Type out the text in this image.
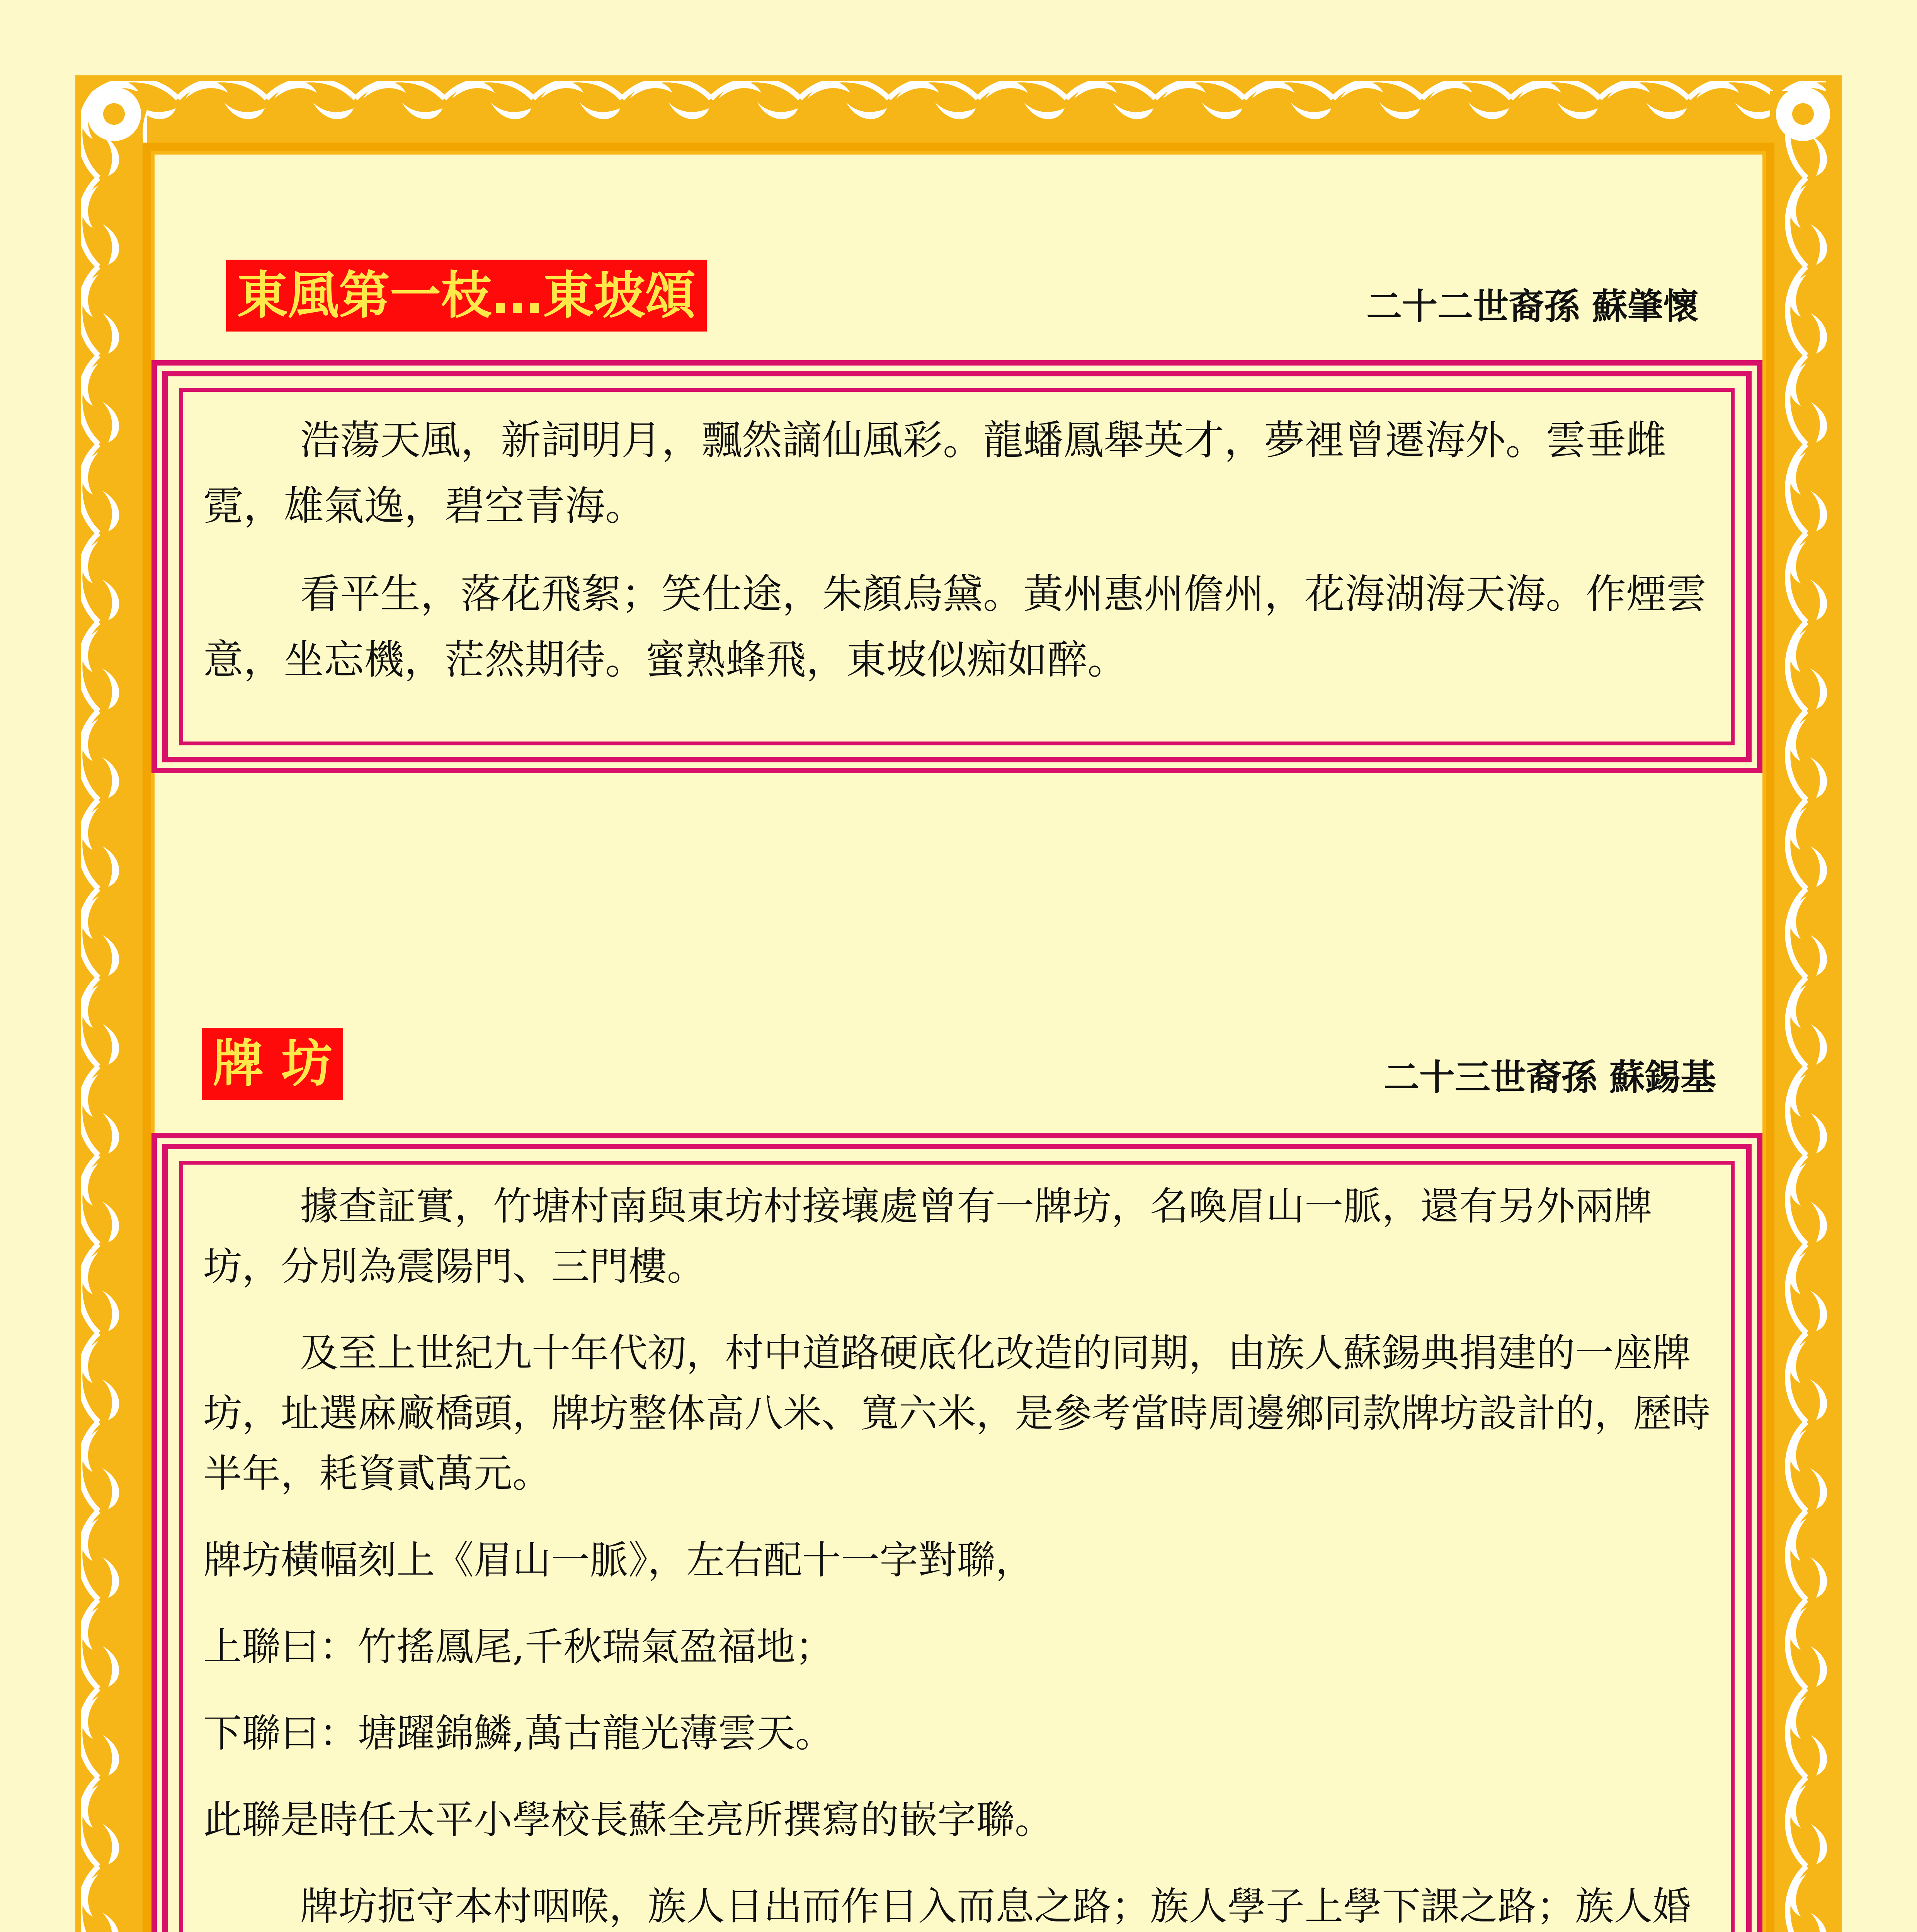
東風第一枝…東坡頌	二十二世裔孫 蘇肇懷

浩蕩天風，新詞明月，飄然謫仙風彩。龍蟠鳳舉英才，夢裡曾遷海外。雲垂雌霓，雄氣逸，碧空青海。

看平生，落花飛絮；笑仕途，朱顏烏黛。黃州惠州儋州，花海湖海天海。作煙雲意，坐忘機，茫然期待。蜜熟蜂飛，東坡似痴如醉。

牌 坊	二十三世裔孫 蘇錫基

據查証實，竹塘村南與東坊村接壤處曾有一牌坊，名喚眉山一脈，還有另外兩牌坊，分別為震陽門、三門樓。

及至上世紀九十年代初，村中道路硬底化改造的同期，由族人蘇錫典捐建的一座牌坊，址選麻廠橋頭，牌坊整体高八米、寬六米，是參考當時周邊鄉同款牌坊設計的，歷時半年，耗資貳萬元。

牌坊橫幅刻上《眉山一脈》，左右配十一字對聯，

上聯曰：竹搖鳳尾,千秋瑞氣盈福地；

下聯曰：塘躍錦鱗,萬古龍光薄雲天。

此聯是時任太平小學校長蘇全亮所撰寫的嵌字聯。

牌坊扼守本村咽喉，族人日出而作日入而息之路；族人學子上學下課之路；族人婚
